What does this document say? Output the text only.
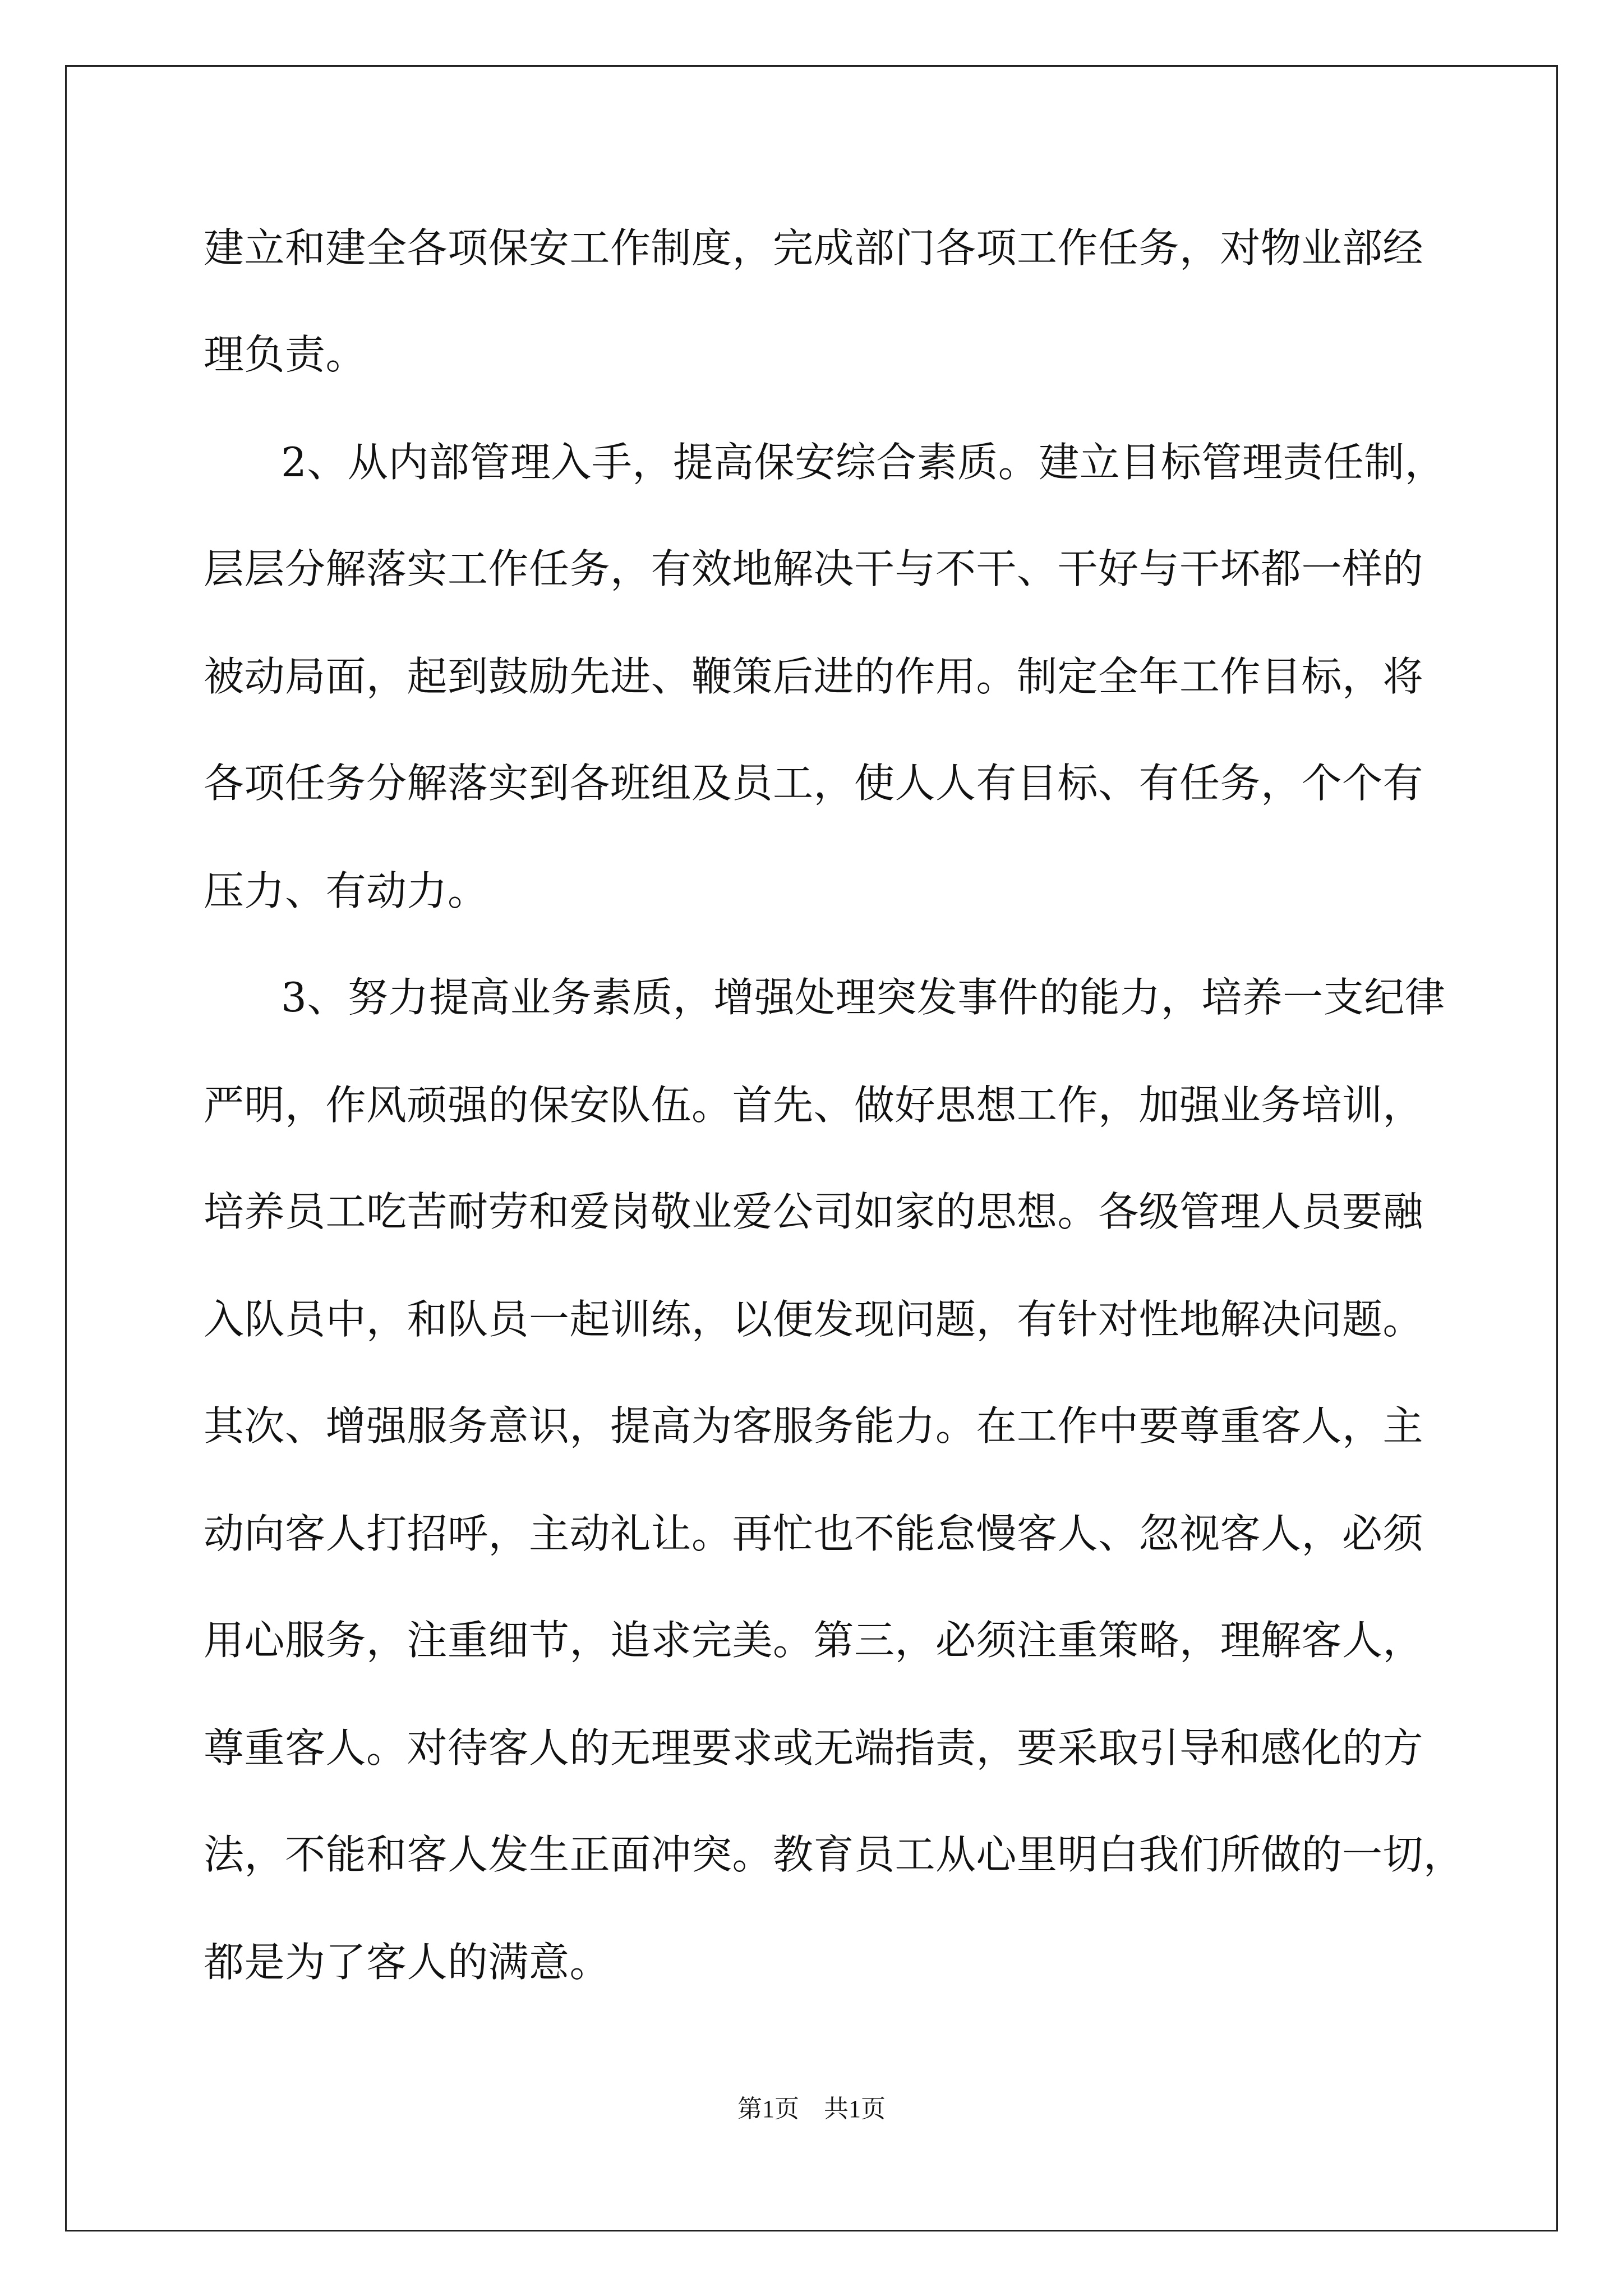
建立和建全各项保安工作制度，完成部门各项工作任务，对物业部经
理负责。
2、从内部管理入手，提高保安综合素质。建立目标管理责任制，
层层分解落实工作任务，有效地解决干与不干、干好与干坏都一样的
被动局面，起到鼓励先进、鞭策后进的作用。制定全年工作目标，将
各项任务分解落实到各班组及员工，使人人有目标、有任务，个个有
压力、有动力。
3、努力提高业务素质，增强处理突发事件的能力，培养一支纪律
严明，作风顽强的保安队伍。首先、做好思想工作，加强业务培训，
培养员工吃苦耐劳和爱岗敬业爱公司如家的思想。各级管理人员要融
入队员中，和队员一起训练，以便发现问题，有针对性地解决问题。
其次、增强服务意识，提高为客服务能力。在工作中要尊重客人，主
动向客人打招呼，主动礼让。再忙也不能怠慢客人、忽视客人，必须
用心服务，注重细节，追求完美。第三，必须注重策略，理解客人，
尊重客人。对待客人的无理要求或无端指责，要采取引导和感化的方
法，不能和客人发生正面冲突。教育员工从心里明白我们所做的一切，
都是为了客人的满意。
第1页　共1页
